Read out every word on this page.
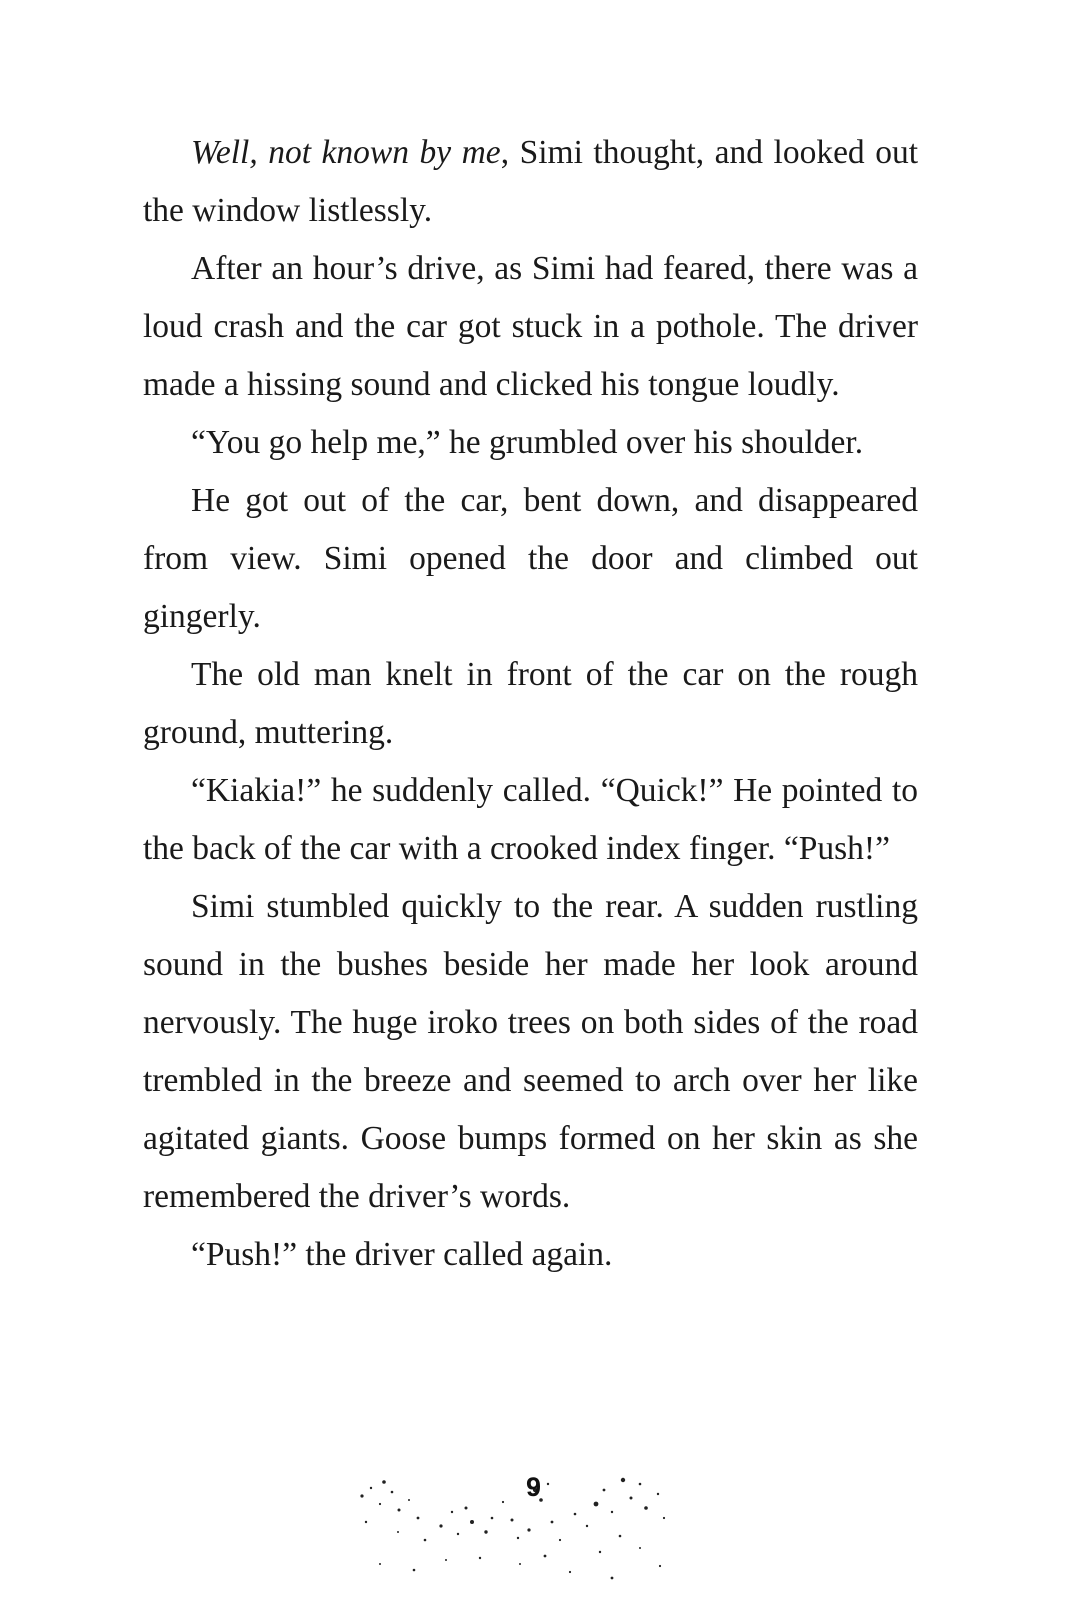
Well, not known by me, Simi thought, and looked out the window listlessly.

After an hour’s drive, as Simi had feared, there was a loud crash and the car got stuck in a pothole. The driver made a hissing sound and clicked his tongue loudly.

“You go help me,” he grumbled over his shoulder.

He got out of the car, bent down, and disappeared from view. Simi opened the door and climbed out gingerly.

The old man knelt in front of the car on the rough ground, muttering.

“Kiakia!” he suddenly called. “Quick!” He pointed to the back of the car with a crooked index finger. “Push!”

Simi stumbled quickly to the rear. A sudden rustling sound in the bushes beside her made her look around nervously. The huge iroko trees on both sides of the road trembled in the breeze and seemed to arch over her like agitated giants. Goose bumps formed on her skin as she remembered the driver’s words.

“Push!” the driver called again.

9
